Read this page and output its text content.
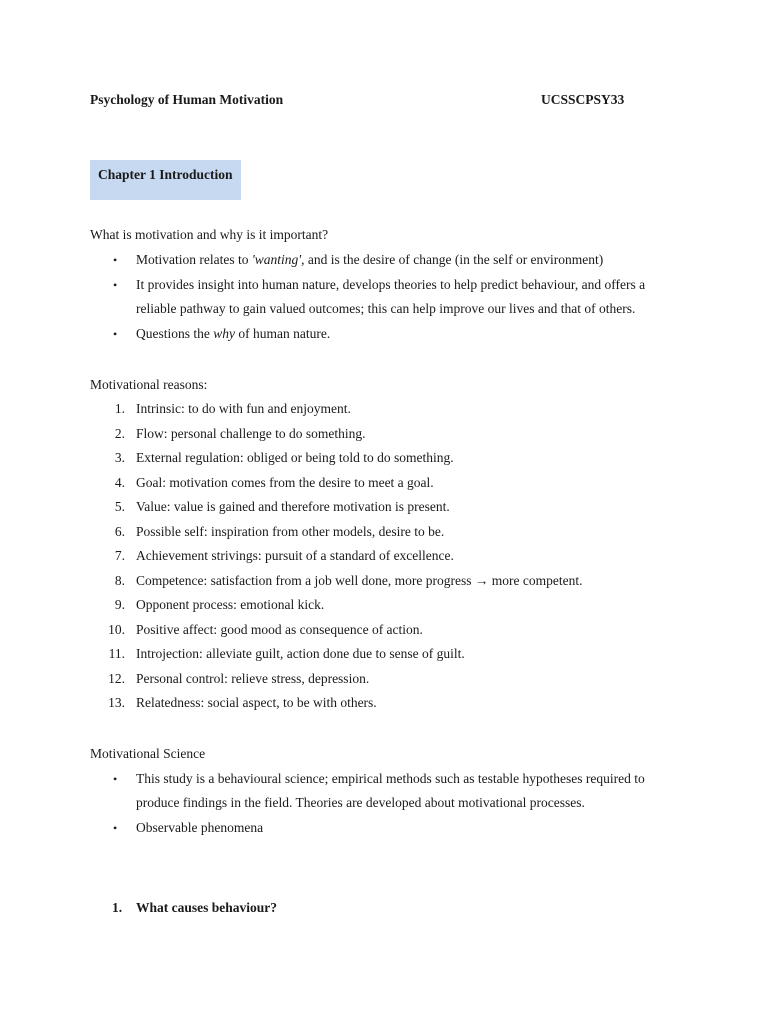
Psychology of Human Motivation	UCSSCPSY33
Chapter 1 Introduction
What is motivation and why is it important?
• Motivation relates to 'wanting', and is the desire of change (in the self or environment)
• It provides insight into human nature, develops theories to help predict behaviour, and offers a
reliable pathway to gain valued outcomes; this can help improve our lives and that of others.
• Questions the why of human nature.
Motivational reasons:
1. Intrinsic: to do with fun and enjoyment.
2. Flow: personal challenge to do something.
3. External regulation: obliged or being told to do something.
4. Goal: motivation comes from the desire to meet a goal.
5. Value: value is gained and therefore motivation is present.
6. Possible self: inspiration from other models, desire to be.
7. Achievement strivings: pursuit of a standard of excellence.
8. Competence: satisfaction from a job well done, more progress → more competent.
9. Opponent process: emotional kick.
10. Positive affect: good mood as consequence of action.
11. Introjection: alleviate guilt, action done due to sense of guilt.
12. Personal control: relieve stress, depression.
13. Relatedness: social aspect, to be with others.
Motivational Science
• This study is a behavioural science; empirical methods such as testable hypotheses required to
produce findings in the field. Theories are developed about motivational processes.
• Observable phenomena
1. What causes behaviour?
